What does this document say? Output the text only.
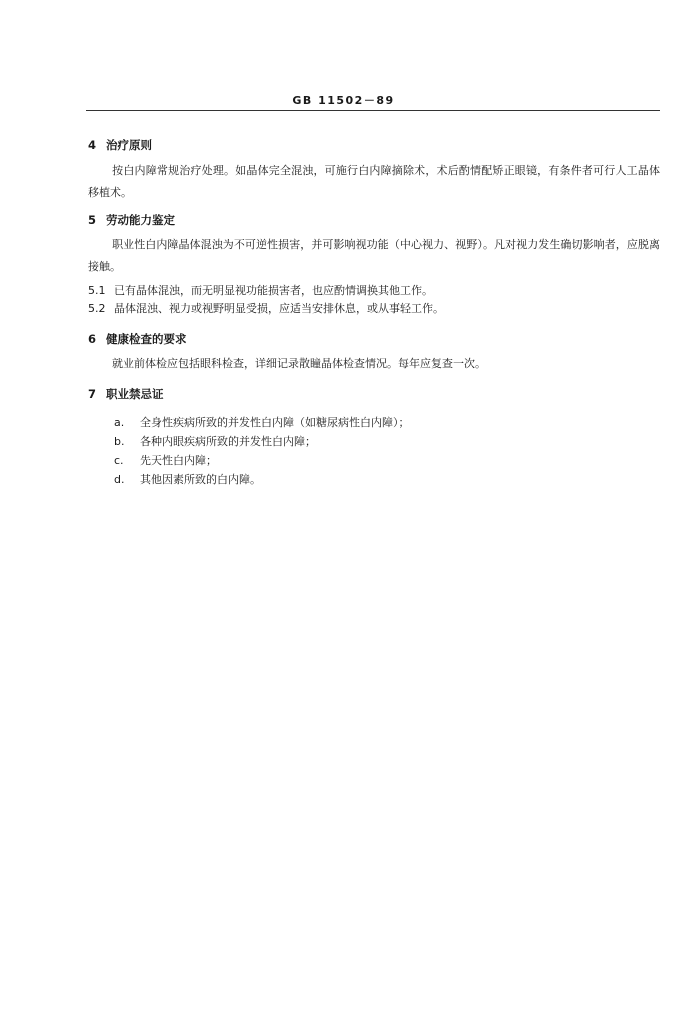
GB 11502－89
4 治疗原则
按白内障常规治疗处理。如晶体完全混浊，可施行白内障摘除术，术后酌情配矫正眼镜，有条件者可行人工晶体移植术。
5 劳动能力鉴定
职业性白内障晶体混浊为不可逆性损害，并可影响视功能（中心视力、视野）。凡对视力发生确切影响者，应脱离接触。
5.1 已有晶体混浊，而无明显视功能损害者，也应酌情调换其他工作。
5.2 晶体混浊、视力或视野明显受损，应适当安排休息，或从事轻工作。
6 健康检查的要求
就业前体检应包括眼科检查，详细记录散瞳晶体检查情况。每年应复查一次。
7 职业禁忌证
a. 全身性疾病所致的并发性白内障（如糖尿病性白内障）；
b. 各种内眼疾病所致的并发性白内障；
c. 先天性白内障；
d. 其他因素所致的白内障。
